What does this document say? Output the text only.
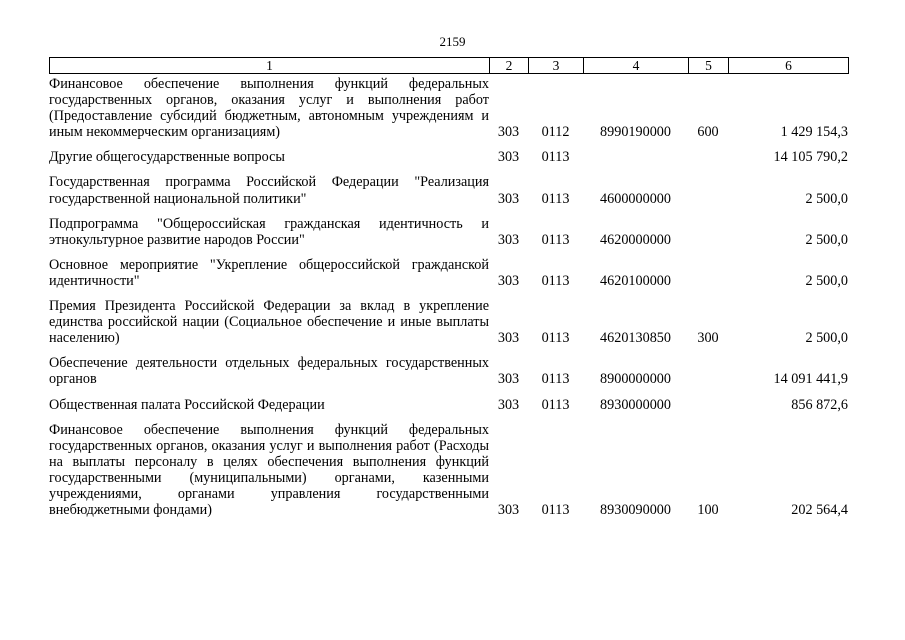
2159
1	2	3	4	5	6
Финансовое обеспечение выполнения функций федеральных государственных органов, оказания услуг и выполнения работ (Предоставление субсидий бюджетным, автономным учреждениям и иным некоммерческим организациям)	303	0112	8990190000	600	1 429 154,3

Другие общегосударственные вопросы	303	0113			14 105 790,2

Государственная программа Российской Федерации "Реализация государственной национальной политики"	303	0113	4600000000		2 500,0

Подпрограмма "Общероссийская гражданская идентичность и этнокультурное развитие народов России"	303	0113	4620000000		2 500,0

Основное мероприятие "Укрепление общероссийской гражданской идентичности"	303	0113	4620100000		2 500,0

Премия Президента Российской Федерации за вклад в укрепление единства российской нации (Социальное обеспечение и иные выплаты населению)	303	0113	4620130850	300	2 500,0

Обеспечение деятельности отдельных федеральных государственных органов	303	0113	8900000000		14 091 441,9

Общественная палата Российской Федерации	303	0113	8930000000		856 872,6

Финансовое обеспечение выполнения функций федеральных государственных органов, оказания услуг и выполнения работ (Расходы на выплаты персоналу в целях обеспечения выполнения функций государственными (муниципальными) органами, казенными учреждениями, органами управления государственными внебюджетными фондами)	303	0113	8930090000	100	202 564,4
